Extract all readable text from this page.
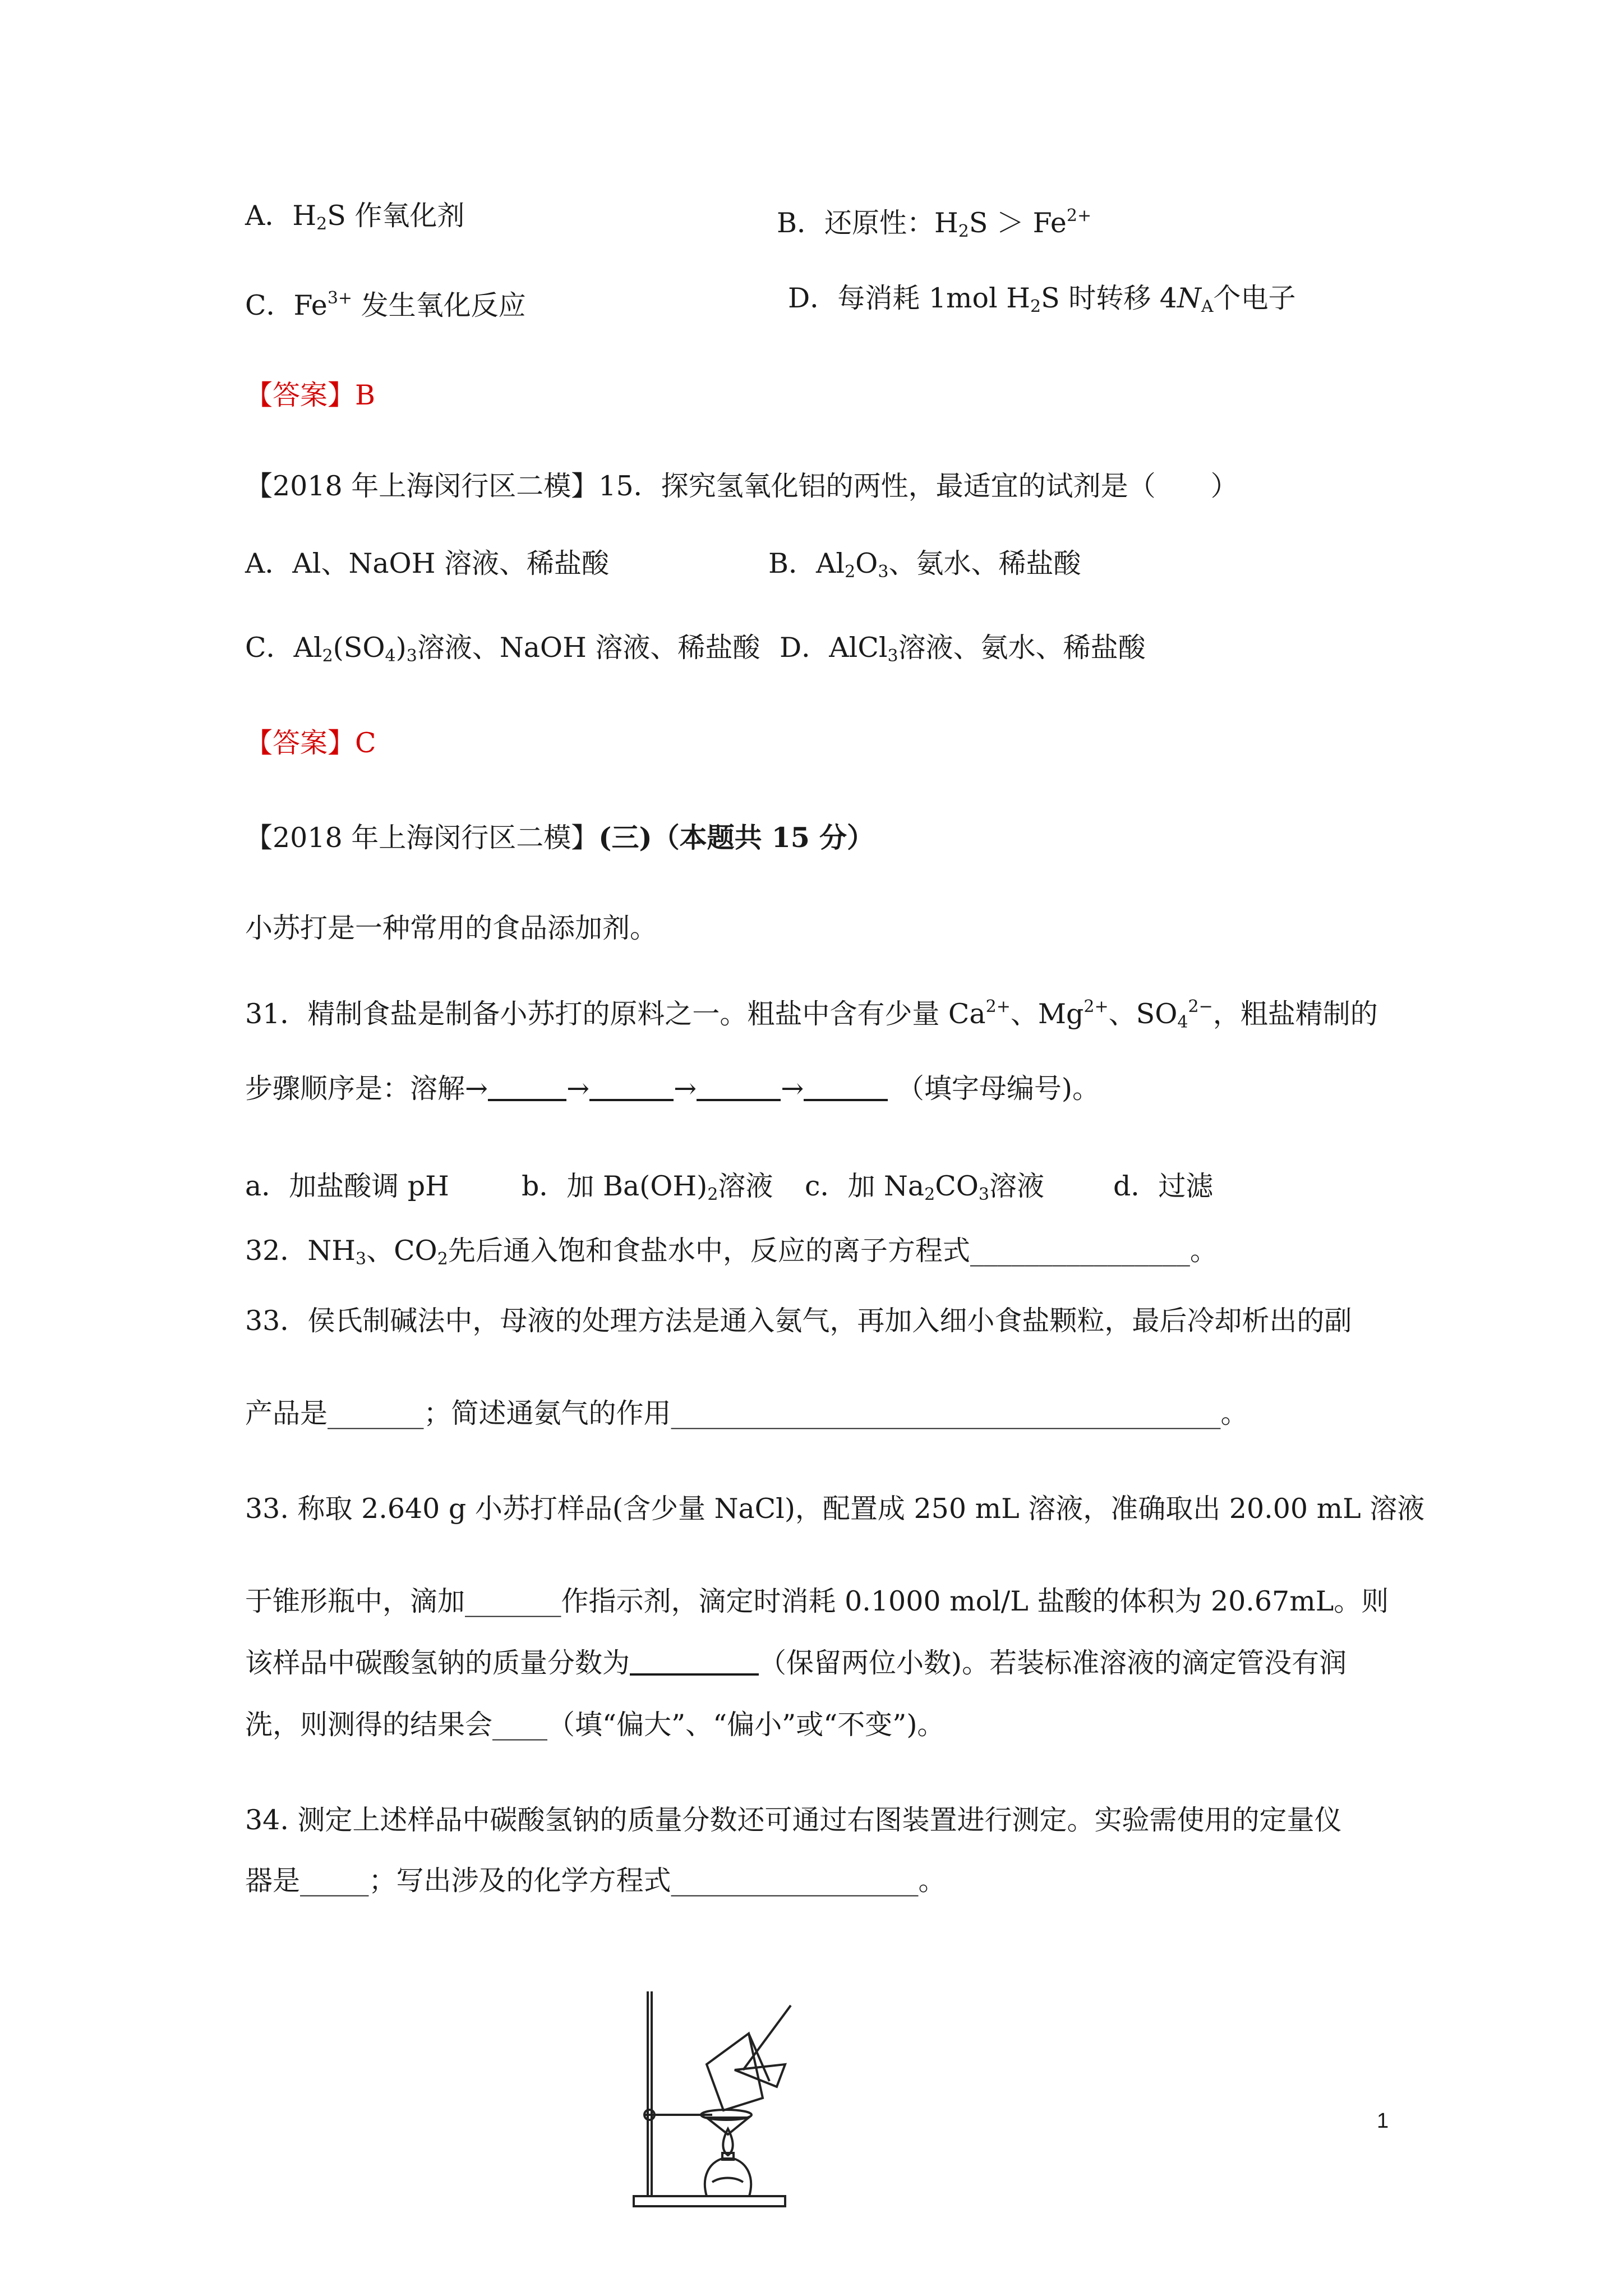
A．$H_2S$ 作氧化剂	B．还原性：$H_2S > Fe^{2+}$
C．$Fe^{3+}$ 发生氧化反应	D．每消耗 1mol $H_2S$ 时转移 $4N_A$个电子
【答案】B
【2018 年上海闵行区二模】15．探究氢氧化铝的两性，最适宜的试剂是（　　）
A．Al、NaOH 溶液、稀盐酸	B．$Al_2O_3$、氨水、稀盐酸
C．$Al_2(SO_4)_3$溶液、NaOH 溶液、稀盐酸 D．AlCl$_3$溶液、氨水、稀盐酸
【答案】C
【2018 年上海闵行区二模】(三)（本题共 15 分）
小苏打是一种常用的食品添加剂。
31．精制食盐是制备小苏打的原料之一。粗盐中含有少量 $Ca^{2+}$、$Mg^{2+}$、$SO_4^{2-}$，粗盐精制的
步骤顺序是：溶解→	→	→	→	（填字母编号)。
a．加盐酸调 pH	b．加 $Ba(OH)_2$溶液 c．加 $Na_2CO_3$溶液	d．过滤
32．$NH_3$、$CO_2$先后通入饱和食盐水中，反应的离子方程式________________。
33．侯氏制碱法中，母液的处理方法是通入氨气，再加入细小食盐颗粒，最后冷却析出的副
产品是_______；简述通氨气的作用________________________________________。
33. 称取 2.640 g 小苏打样品(含少量 NaCl)，配置成 250 mL 溶液，准确取出 20.00 mL 溶液
于锥形瓶中，滴加_______作指示剂，滴定时消耗 0.1000 mol/L 盐酸的体积为 20.67mL。则
该样品中碳酸氢钠的质量分数为	（保留两位小数)。若装标准溶液的滴定管没有润
洗，则测得的结果会____（填“偏大”、“偏小”或“不变”)。
34. 测定上述样品中碳酸氢钠的质量分数还可通过右图装置进行测定。实验需使用的定量仪
器是_____；写出涉及的化学方程式__________________。
1
